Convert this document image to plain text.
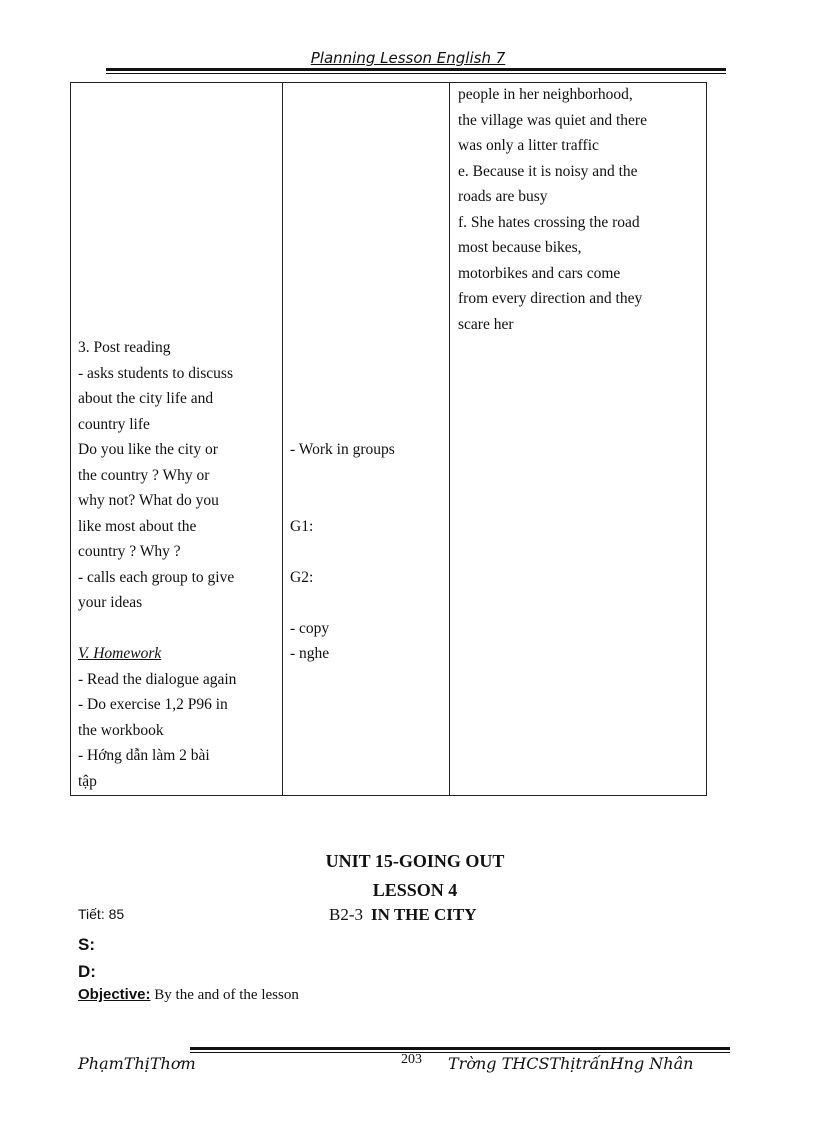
Planning Lesson English 7
people in her neighborhood,
the village was quiet and there
was only a litter traffic
e. Because it is noisy and the
roads are busy
f. She hates crossing the road
most because bikes,
motorbikes and cars come
from every direction and they
scare her
3. Post reading
- asks students to discuss
about the city life and
country life
Do you like the city or
the country ? Why or
why not? What do you
like most about the
country ? Why ?
- calls each group to give
your ideas

V. Homework
- Read the dialogue again
- Do exercise 1,2 P96 in
the workbook
- Hớng dẫn làm 2 bài
tập
- Work in groups
G1:
G2:
- copy
- nghe
UNIT 15-GOING OUT
LESSON 4
Tiết: 85	B2-3 IN THE CITY
S:
D:
Objective: By the and of the lesson
PhạmThịThơm	203 Trờng THCSThịtrấnHng Nhân
